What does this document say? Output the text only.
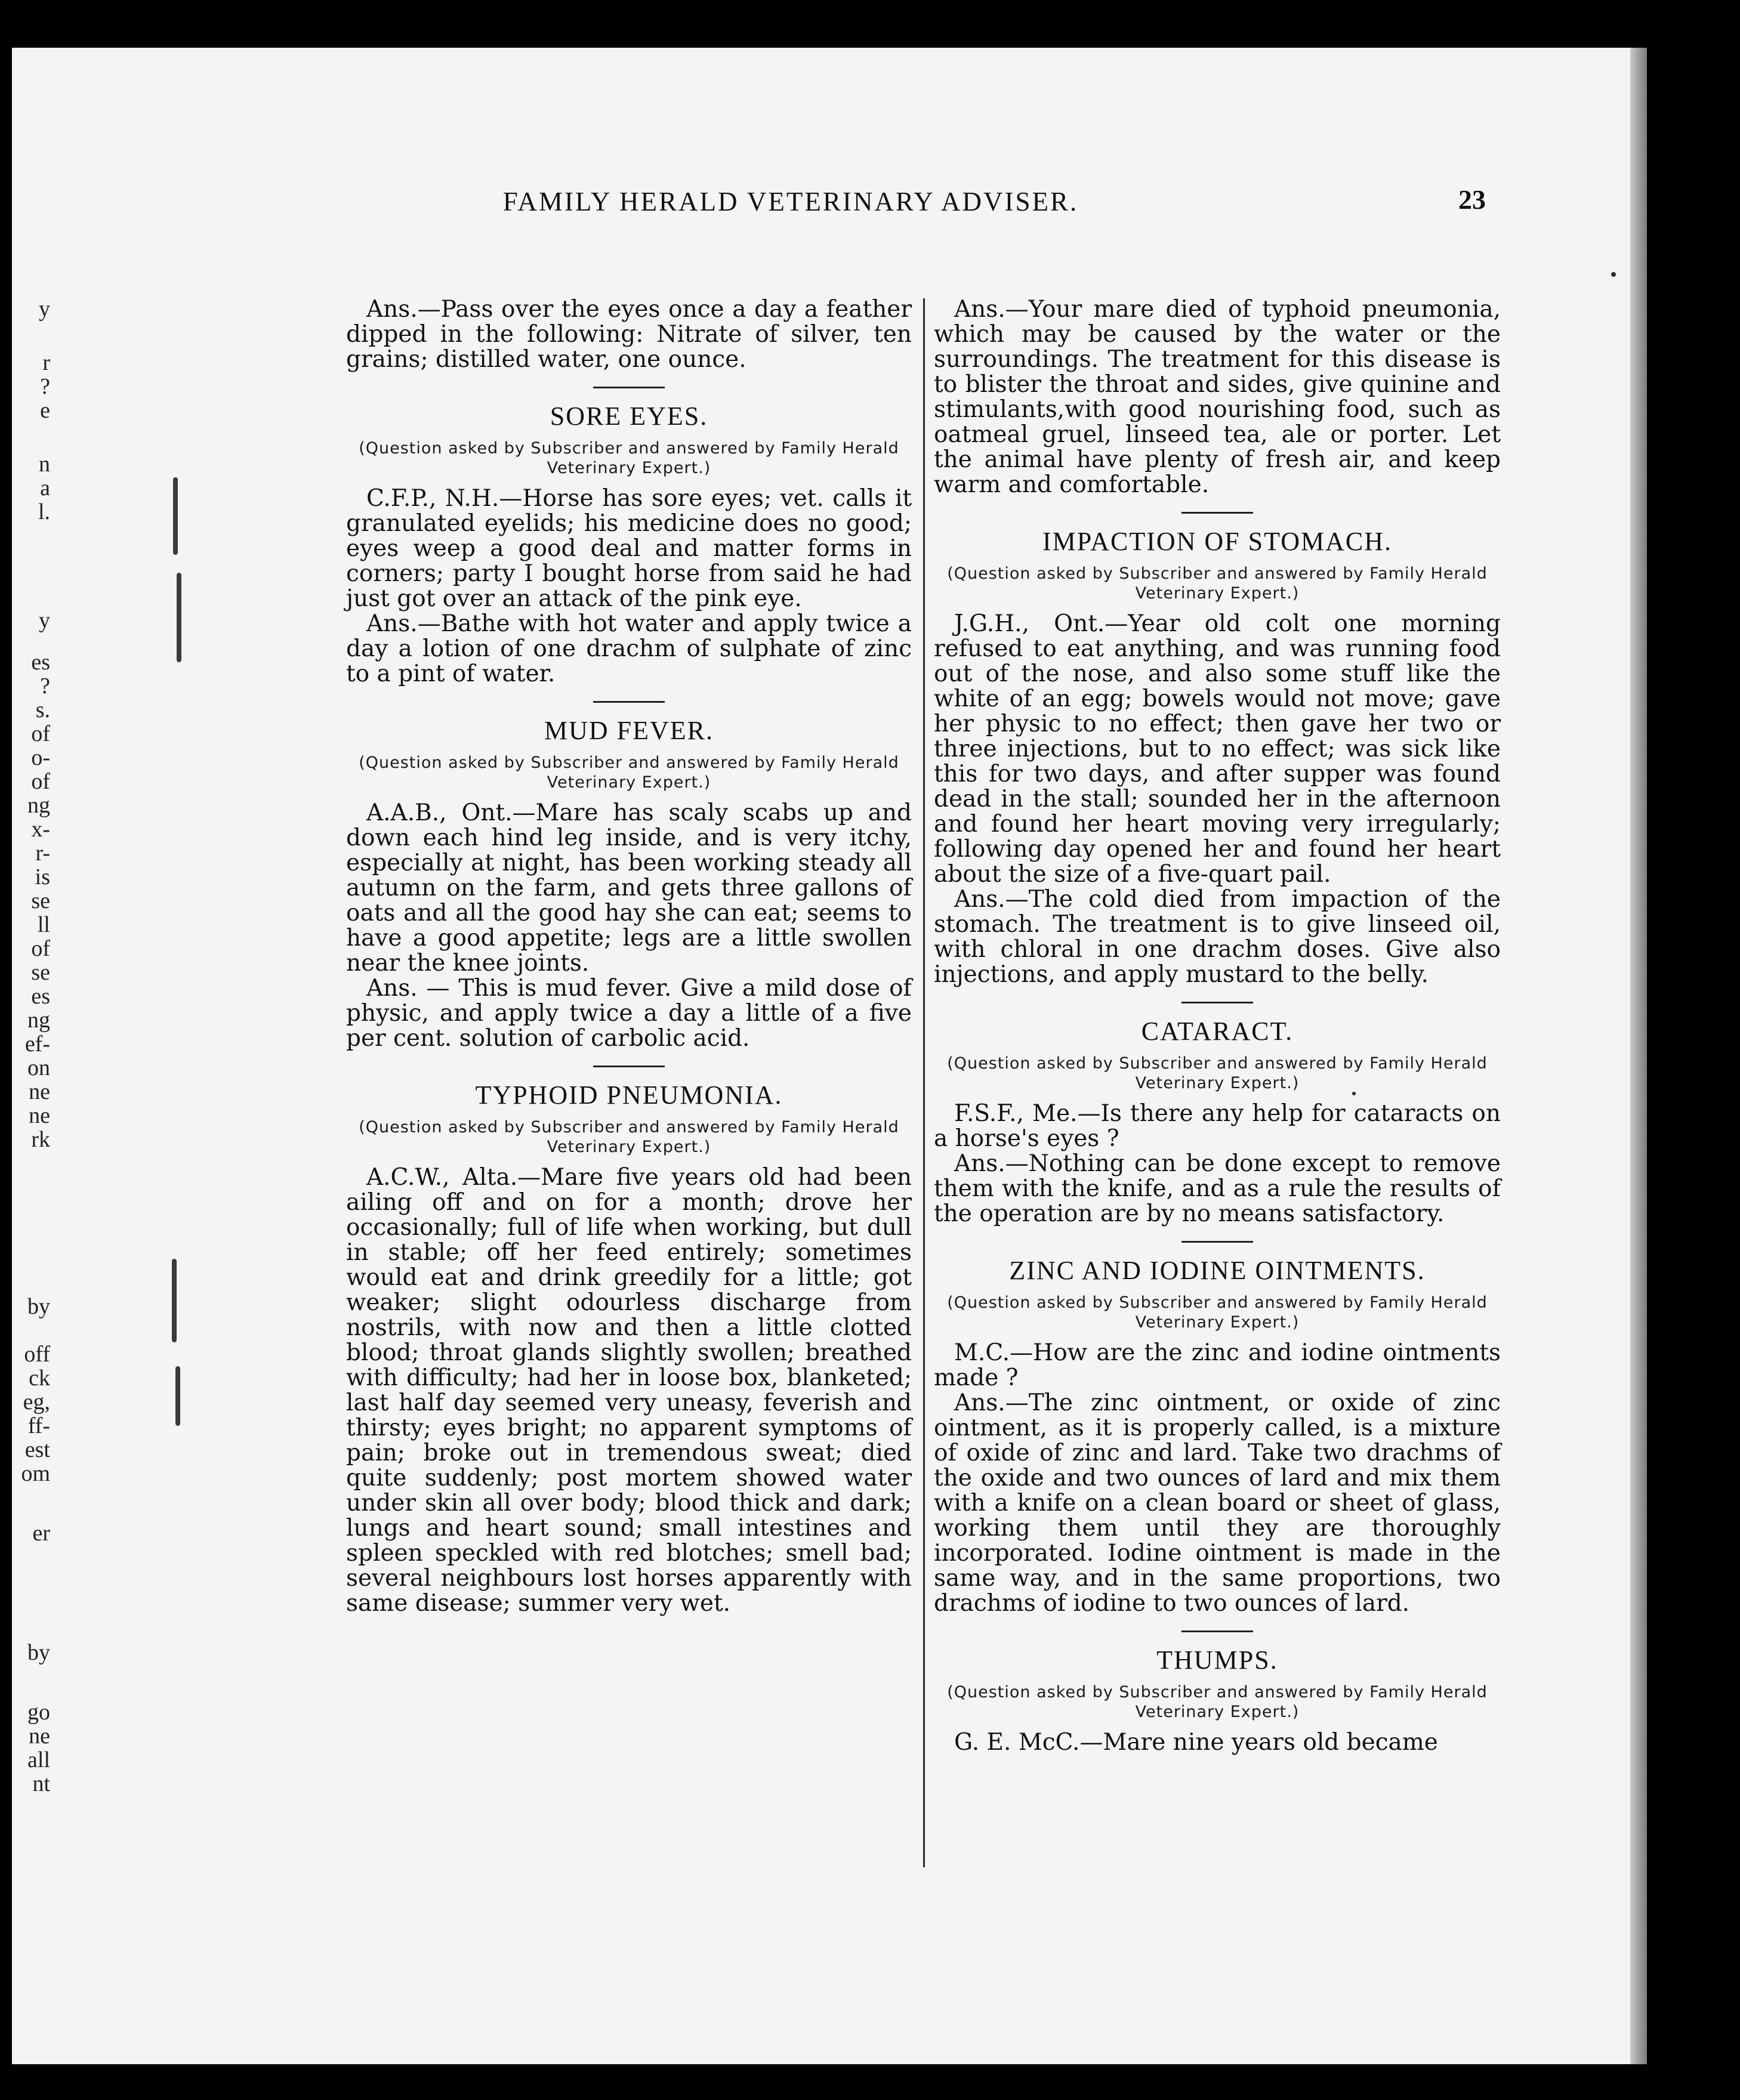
y
r
?
e
n
a
l.
y
es
?
s.
of
o-
of
ng
x-
r-
is
se
ll
of
se
es
ng
ef-
on
ne
ne
rk
by
off
ck
eg,
ff-
est
om
er
by
go
ne
all
nt
FAMILY HERALD VETERINARY ADVISER.	23

Ans.—Pass over the eyes once a day a feather dipped in the following: Nitrate of silver, ten grains; distilled water, one ounce.

SORE EYES.
(Question asked by Subscriber and answered by Family Herald Veterinary Expert.)

C.F.P., N.H.—Horse has sore eyes; vet. calls it granulated eyelids; his medicine does no good; eyes weep a good deal and matter forms in corners; party I bought horse from said he had just got over an attack of the pink eye.

Ans.—Bathe with hot water and apply twice a day a lotion of one drachm of sulphate of zinc to a pint of water.

MUD FEVER.
(Question asked by Subscriber and answered by Family Herald Veterinary Expert.)

A.A.B., Ont.—Mare has scaly scabs up and down each hind leg inside, and is very itchy, especially at night, has been working steady all autumn on the farm, and gets three gallons of oats and all the good hay she can eat; seems to have a good appetite; legs are a little swollen near the knee joints.

Ans. — This is mud fever. Give a mild dose of physic, and apply twice a day a little of a five per cent. solution of carbolic acid.

TYPHOID PNEUMONIA.
(Question asked by Subscriber and answered by Family Herald Veterinary Expert.)

A.C.W., Alta.—Mare five years old had been ailing off and on for a month; drove her occasionally; full of life when working, but dull in stable; off her feed entirely; sometimes would eat and drink greedily for a little; got weaker; slight odourless discharge from nostrils, with now and then a little clotted blood; throat glands slightly swollen; breathed with difficulty; had her in loose box, blanketed; last half day seemed very uneasy, feverish and thirsty; eyes bright; no apparent symptoms of pain; broke out in tremendous sweat; died quite suddenly; post mortem showed water under skin all over body; blood thick and dark; lungs and heart sound; small intestines and spleen speckled with red blotches; smell bad; several neighbours lost horses apparently with same disease; summer very wet.

Ans.—Your mare died of typhoid pneumonia, which may be caused by the water or the surroundings. The treatment for this disease is to blister the throat and sides, give quinine and stimulants,with good nourishing food, such as oatmeal gruel, linseed tea, ale or porter. Let the animal have plenty of fresh air, and keep warm and comfortable.

IMPACTION OF STOMACH.
(Question asked by Subscriber and answered by Family Herald Veterinary Expert.)

J.G.H., Ont.—Year old colt one morning refused to eat anything, and was running food out of the nose, and also some stuff like the white of an egg; bowels would not move; gave her physic to no effect; then gave her two or three injections, but to no effect; was sick like this for two days, and after supper was found dead in the stall; sounded her in the afternoon and found her heart moving very irregularly; following day opened her and found her heart about the size of a five-quart pail.

Ans.—The cold died from impaction of the stomach. The treatment is to give linseed oil, with chloral in one drachm doses. Give also injections, and apply mustard to the belly.

CATARACT.
(Question asked by Subscriber and answered by Family Herald Veterinary Expert.)

F.S.F., Me.—Is there any help for cataracts on a horse's eyes ?

Ans.—Nothing can be done except to remove them with the knife, and as a rule the results of the operation are by no means satisfactory.

ZINC AND IODINE OINTMENTS.
(Question asked by Subscriber and answered by Family Herald Veterinary Expert.)

M.C.—How are the zinc and iodine ointments made ?

Ans.—The zinc ointment, or oxide of zinc ointment, as it is properly called, is a mixture of oxide of zinc and lard. Take two drachms of the oxide and two ounces of lard and mix them with a knife on a clean board or sheet of glass, working them until they are thoroughly incorporated. Iodine ointment is made in the same way, and in the same proportions, two drachms of iodine to two ounces of lard.

THUMPS.
(Question asked by Subscriber and answered by Family Herald Veterinary Expert.)

G. E. McC.—Mare nine years old became
